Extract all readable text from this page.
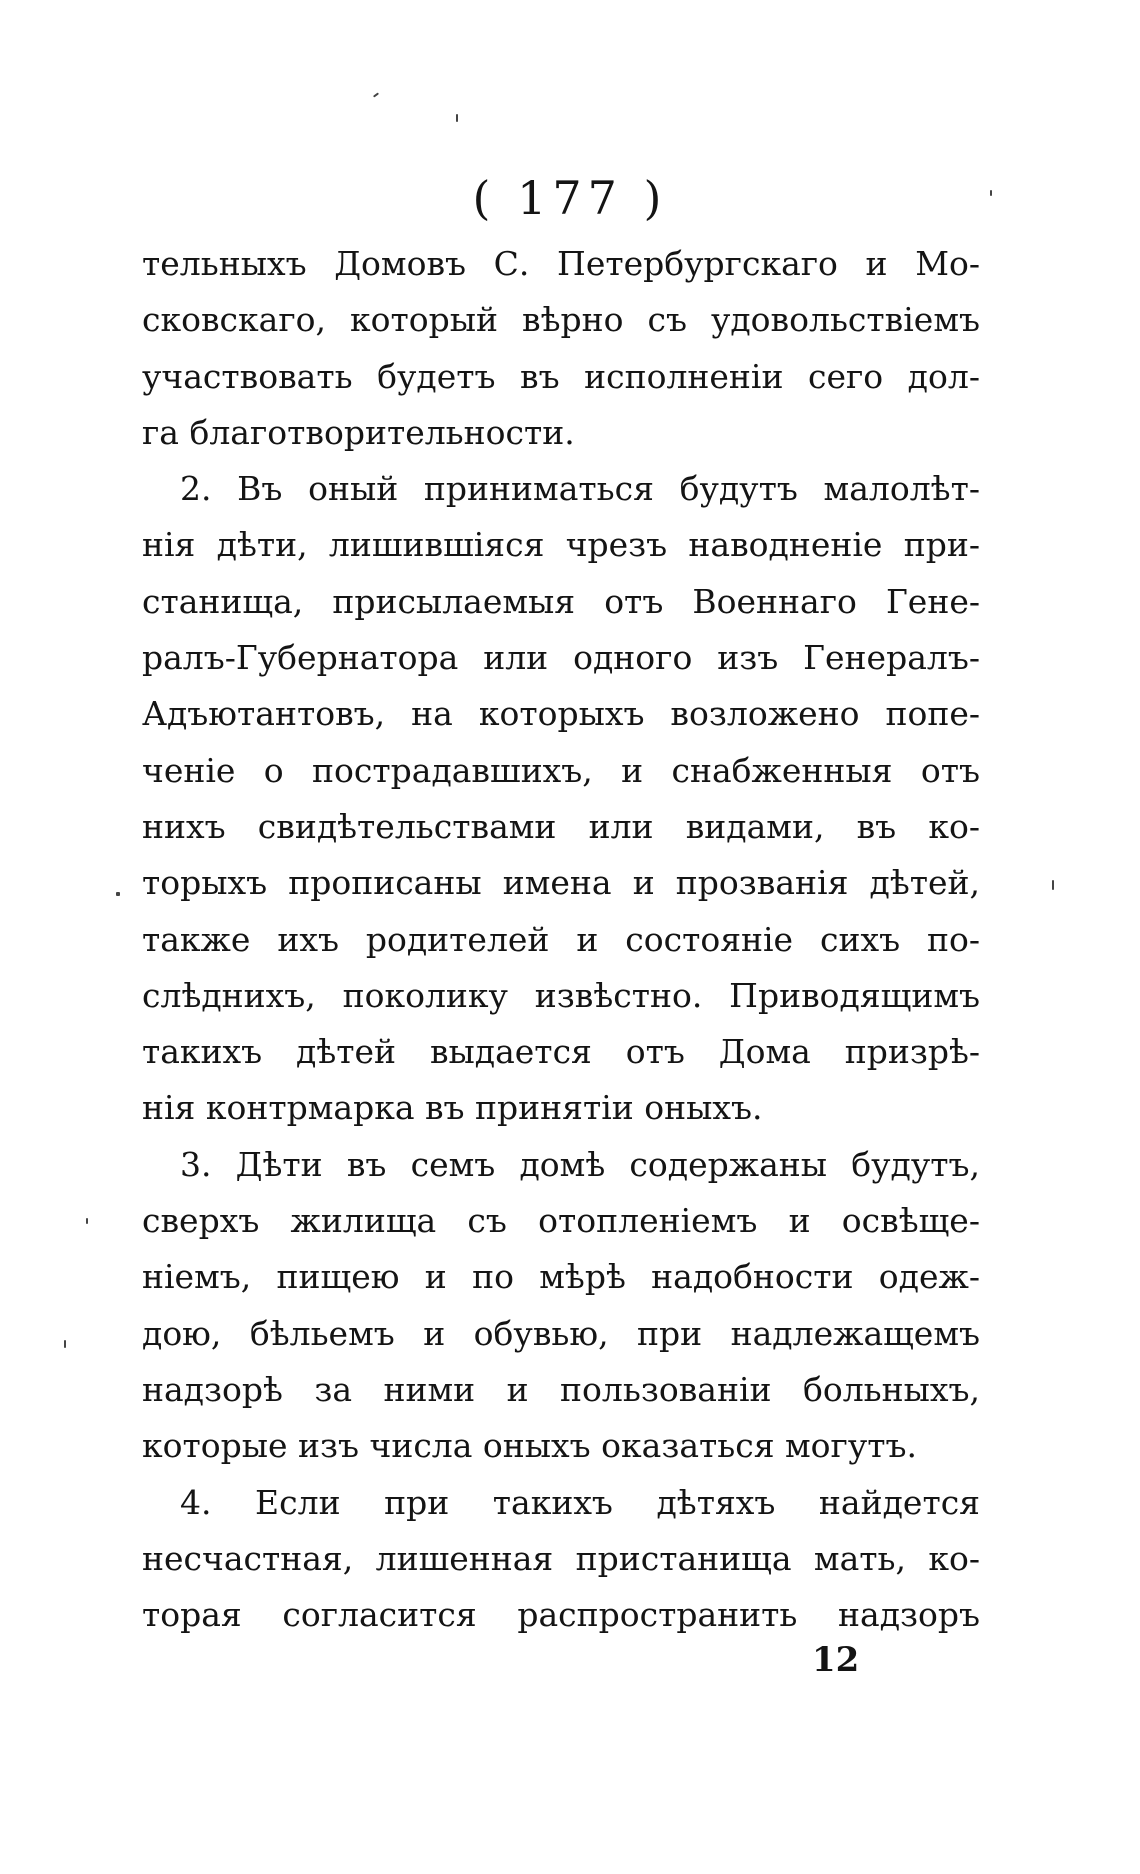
( 177 )
тельныхъ Домовъ С. Петербургскаго и Мо-
сковскаго, который вѣрно съ удовольствіемъ
участвовать будетъ въ исполненіи сего дол-
га благотворительности.
2. Въ оный приниматься будутъ малолѣт-
нія дѣти, лишившіяся чрезъ наводненіе при-
станища, присылаемыя отъ Военнаго Гене-
ралъ-Губернатора или одного изъ Генералъ-
Адъютантовъ, на которыхъ возложено попе-
ченіе о пострадавшихъ, и снабженныя отъ
нихъ свидѣтельствами или видами, въ ко-
торыхъ прописаны имена и прозванія дѣтей,
также ихъ родителей и состояніе сихъ по-
слѣднихъ, поколику извѣстно. Приводящимъ
такихъ дѣтей выдается отъ Дома призрѣ-
нія контрмарка въ принятіи оныхъ.
3. Дѣти въ семъ домѣ содержаны будутъ,
сверхъ жилища съ отопленіемъ и освѣще-
ніемъ, пищею и по мѣрѣ надобности одеж-
дою, бѣльемъ и обувью, при надлежащемъ
надзорѣ за ними и пользованіи больныхъ,
которые изъ числа оныхъ оказаться могутъ.
4. Если при такихъ дѣтяхъ найдется
несчастная, лишенная пристанища мать, ко-
торая согласится распространить надзоръ
12
